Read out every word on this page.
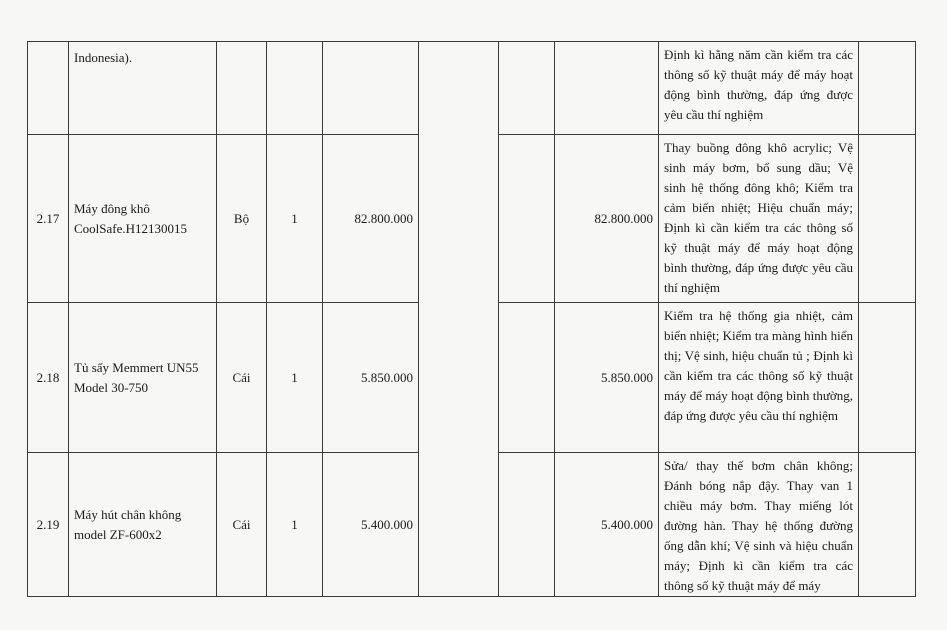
	Indonesia).							Định kì hằng năm cần kiểm tra các thông số kỹ thuật máy để máy hoạt động bình thường, đáp ứng được yêu cầu thí nghiệm	
2.17	Máy đông khô CoolSafe.H12130015	Bộ	1	82.800.000			82.800.000	Thay buồng đông khô acrylic; Vệ sinh máy bơm, bổ sung dầu; Vệ sinh hệ thống đông khô; Kiểm tra cảm biến nhiệt; Hiệu chuẩn máy; Định kì cần kiểm tra các thông số kỹ thuật máy để máy hoạt động bình thường, đáp ứng được yêu cầu thí nghiệm	
2.18	Tủ sấy Memmert UN55 Model 30-750	Cái	1	5.850.000			5.850.000	Kiểm tra hệ thống gia nhiệt, cảm biến nhiệt; Kiểm tra màng hình hiển thị; Vệ sinh, hiệu chuẩn tủ ; Định kì cần kiểm tra các thông số kỹ thuật máy để máy hoạt động bình thường, đáp ứng được yêu cầu thí nghiệm	
2.19	Máy hút chân không model ZF-600x2	Cái	1	5.400.000			5.400.000	Sửa/ thay thế bơm chân không; Đánh bóng nắp đậy. Thay van 1 chiều máy bơm. Thay miếng lót đường hàn. Thay hệ thống đường ống dẫn khí; Vệ sinh và hiệu chuẩn máy; Định kì cần kiểm tra các thông số kỹ thuật máy để máy	
